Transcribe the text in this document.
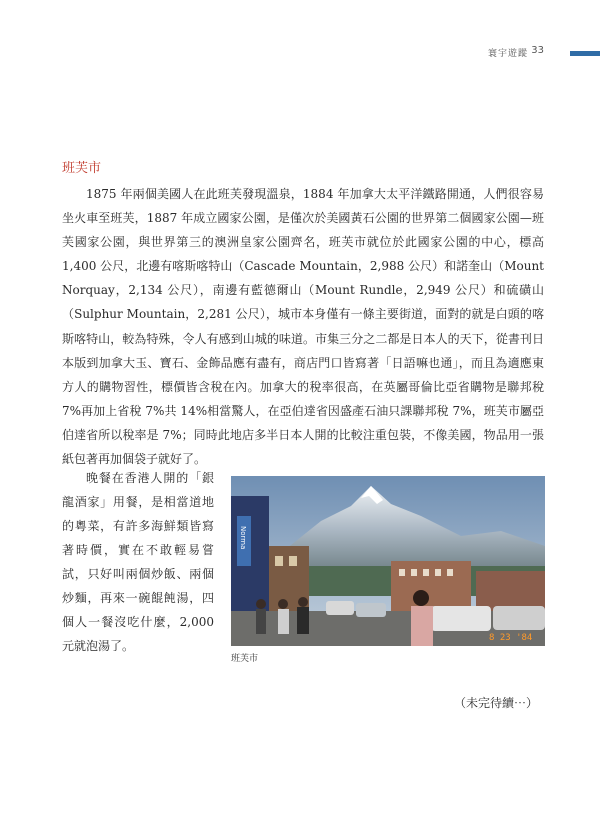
寰宇遊蹤 33
班芙市

1875 年兩個美國人在此班芙發現溫泉，1884 年加拿大太平洋鐵路開通，人們很容易坐火車至班芙，1887 年成立國家公園，是僅次於美國黃石公園的世界第二個國家公園—班芙國家公園，與世界第三的澳洲皇家公園齊名，班芙市就位於此國家公園的中心，標高 1,400 公尺，北邊有喀斯喀特山（Cascade Mountain，2,988 公尺）和諾奎山（Mount Norquay，2,134 公尺），南邊有藍德爾山（Mount Rundle，2,949 公尺）和硫磺山（Sulphur Mountain，2,281 公尺），城市本身僅有一條主要街道，面對的就是白頭的喀斯喀特山，較為特殊，令人有感到山城的味道。市集三分之二都是日本人的天下，從書刊日本版到加拿大玉、寶石、金飾品應有盡有，商店門口皆寫著「日語嘛也通」，而且為適應東方人的購物習性，標價皆含稅在內。加拿大的稅率很高，在英屬哥倫比亞省購物是聯邦稅 7%再加上省稅 7%共 14%相當驚人，在亞伯達省因盛產石油只課聯邦稅 7%，班芙市屬亞伯達省所以稅率是 7%；同時此地店多半日本人開的比較注重包裝，不像美國，物品用一張紙包著再加個袋子就好了。

晚餐在香港人開的「銀龍酒家」用餐，是相當道地的粵菜，有許多海鮮類皆寫著時價，實在不敢輕易嘗試，只好叫兩個炒飯、兩個炒麵，再來一碗餛飩湯，四個人一餐沒吃什麼，2,000 元就泡湯了。

Norma
8 23 '84
班芙市
（未完待續⋯）
